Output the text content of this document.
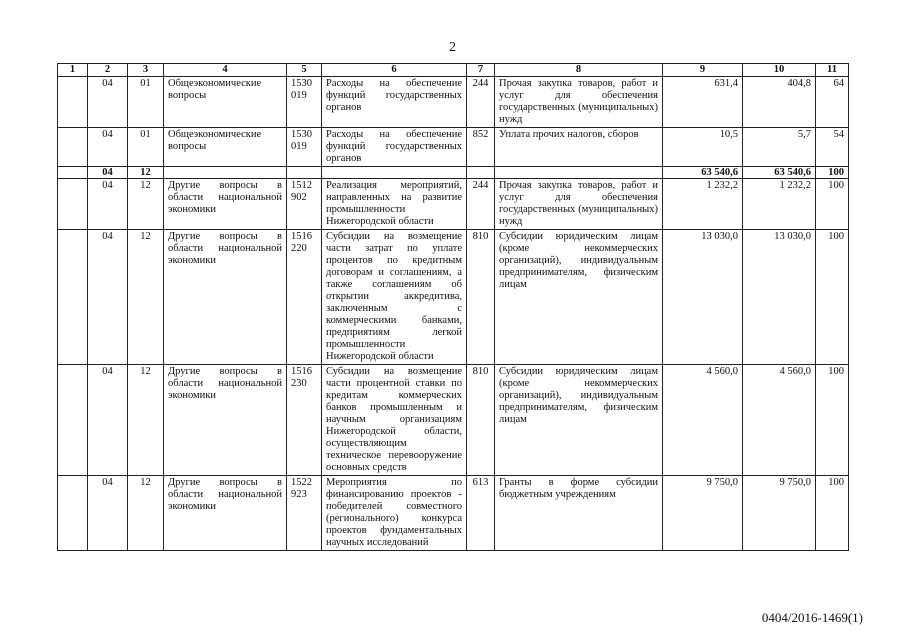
2
1	2	3	4	5	6	7	8	9	10	11
	04	01	Общеэкономические вопросы	1530 019	Расходы на обеспечение функций государственных органов	244	Прочая закупка товаров, работ и услуг для обеспечения государственных (муниципальных) нужд	631,4	404,8	64
	04	01	Общеэкономические вопросы	1530 019	Расходы на обеспечение функций государственных органов	852	Уплата прочих налогов, сборов	10,5	5,7	54
	04	12						63 540,6	63 540,6	100
	04	12	Другие вопросы в области национальной экономики	1512 902	Реализация мероприятий, направленных на развитие промышленности Нижегородской области	244	Прочая закупка товаров, работ и услуг для обеспечения государственных (муниципальных) нужд	1 232,2	1 232,2	100
	04	12	Другие вопросы в области национальной экономики	1516 220	Субсидии на возмещение части затрат по уплате процентов по кредитным договорам и соглашениям, а также соглашениям об открытии аккредитива, заключенным с коммерческими банками, предприятиям легкой промышленности Нижегородской области	810	Субсидии юридическим лицам (кроме некоммерческих организаций), индивидуальным предпринимателям, физическим лицам	13 030,0	13 030,0	100
	04	12	Другие вопросы в области национальной экономики	1516 230	Субсидии на возмещение части процентной ставки по кредитам коммерческих банков промышленным и научным организациям Нижегородской области, осуществляющим техническое перевооружение основных средств	810	Субсидии юридическим лицам (кроме некоммерческих организаций), индивидуальным предпринимателям, физическим лицам	4 560,0	4 560,0	100
	04	12	Другие вопросы в области национальной экономики	1522 923	Мероприятия по финансированию проектов - победителей совместного (регионального) конкурса проектов фундаментальных научных исследований	613	Гранты в форме субсидии бюджетным учреждениям	9 750,0	9 750,0	100
0404/2016-1469(1)
